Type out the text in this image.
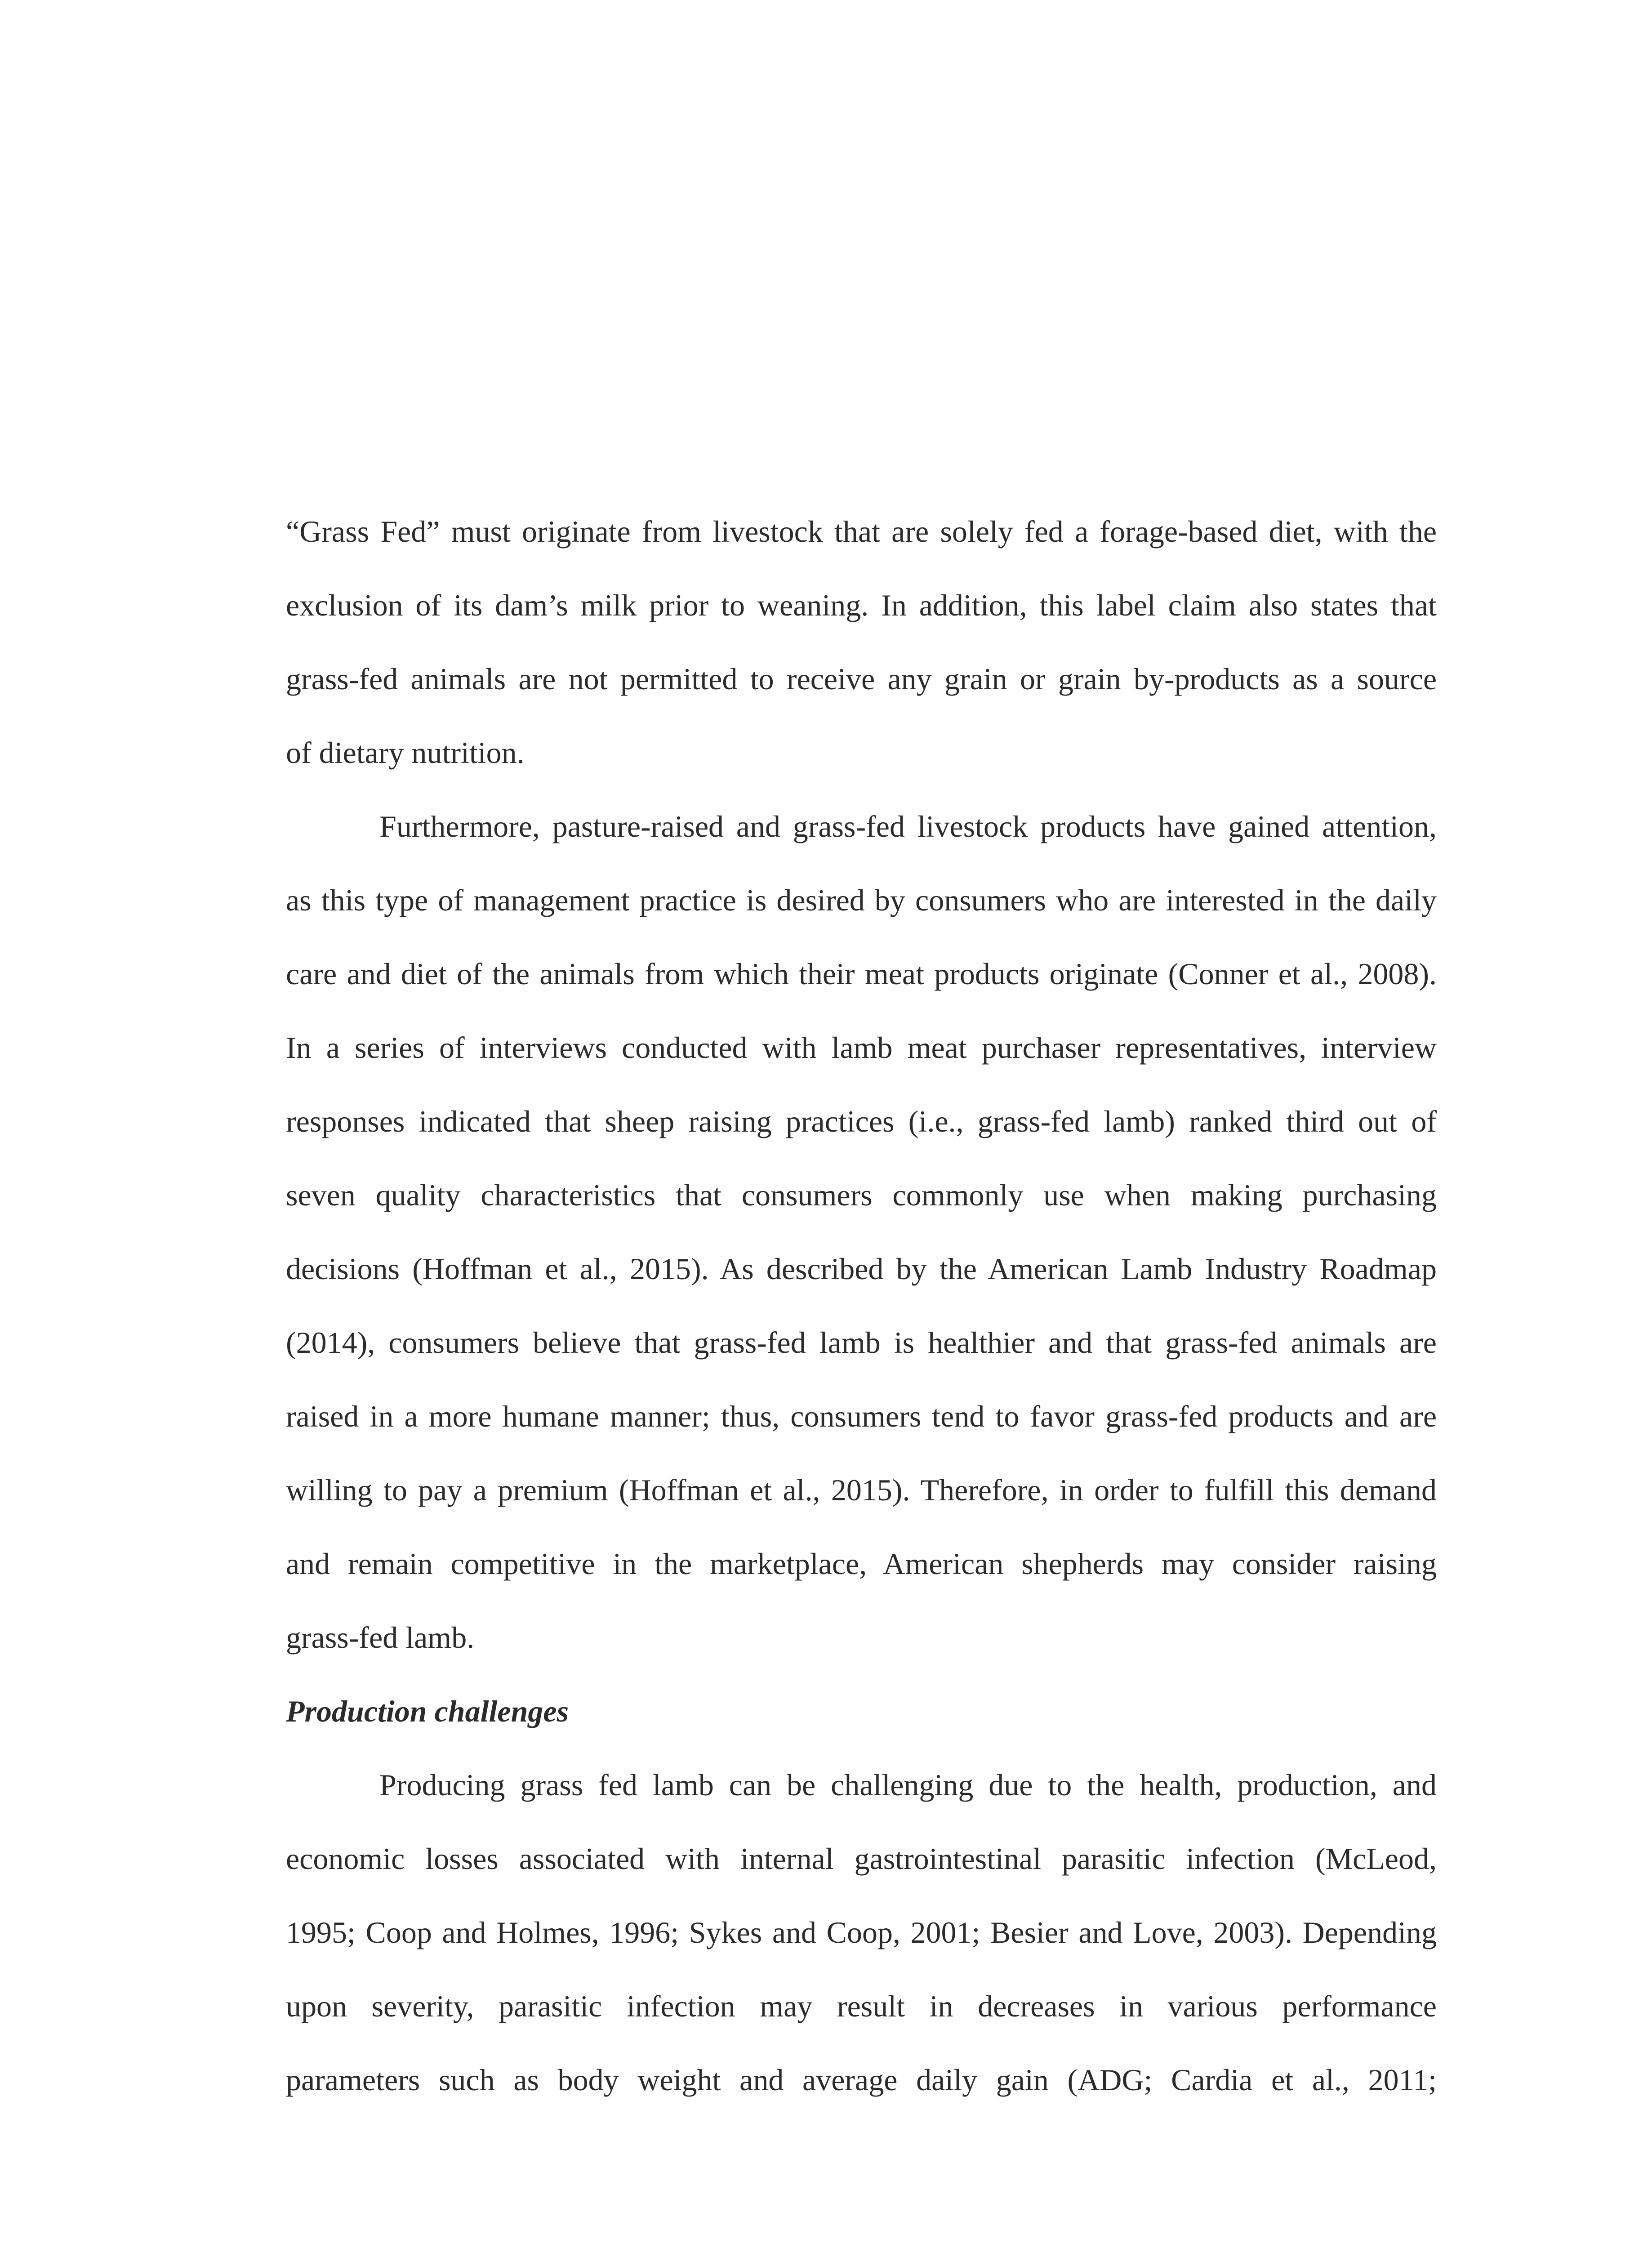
“Grass Fed” must originate from livestock that are solely fed a forage-based diet, with the
exclusion of its dam’s milk prior to weaning. In addition, this label claim also states that
grass-fed animals are not permitted to receive any grain or grain by-products as a source
of dietary nutrition.
Furthermore, pasture-raised and grass-fed livestock products have gained attention,
as this type of management practice is desired by consumers who are interested in the daily
care and diet of the animals from which their meat products originate (Conner et al., 2008).
In a series of interviews conducted with lamb meat purchaser representatives, interview
responses indicated that sheep raising practices (i.e., grass-fed lamb) ranked third out of
seven quality characteristics that consumers commonly use when making purchasing
decisions (Hoffman et al., 2015). As described by the American Lamb Industry Roadmap
(2014), consumers believe that grass-fed lamb is healthier and that grass-fed animals are
raised in a more humane manner; thus, consumers tend to favor grass-fed products and are
willing to pay a premium (Hoffman et al., 2015). Therefore, in order to fulfill this demand
and remain competitive in the marketplace, American shepherds may consider raising
grass-fed lamb.
Production challenges
Producing grass fed lamb can be challenging due to the health, production, and
economic losses associated with internal gastrointestinal parasitic infection (McLeod,
1995; Coop and Holmes, 1996; Sykes and Coop, 2001; Besier and Love, 2003). Depending
upon severity, parasitic infection may result in decreases in various performance
parameters such as body weight and average daily gain (ADG; Cardia et al., 2011;
